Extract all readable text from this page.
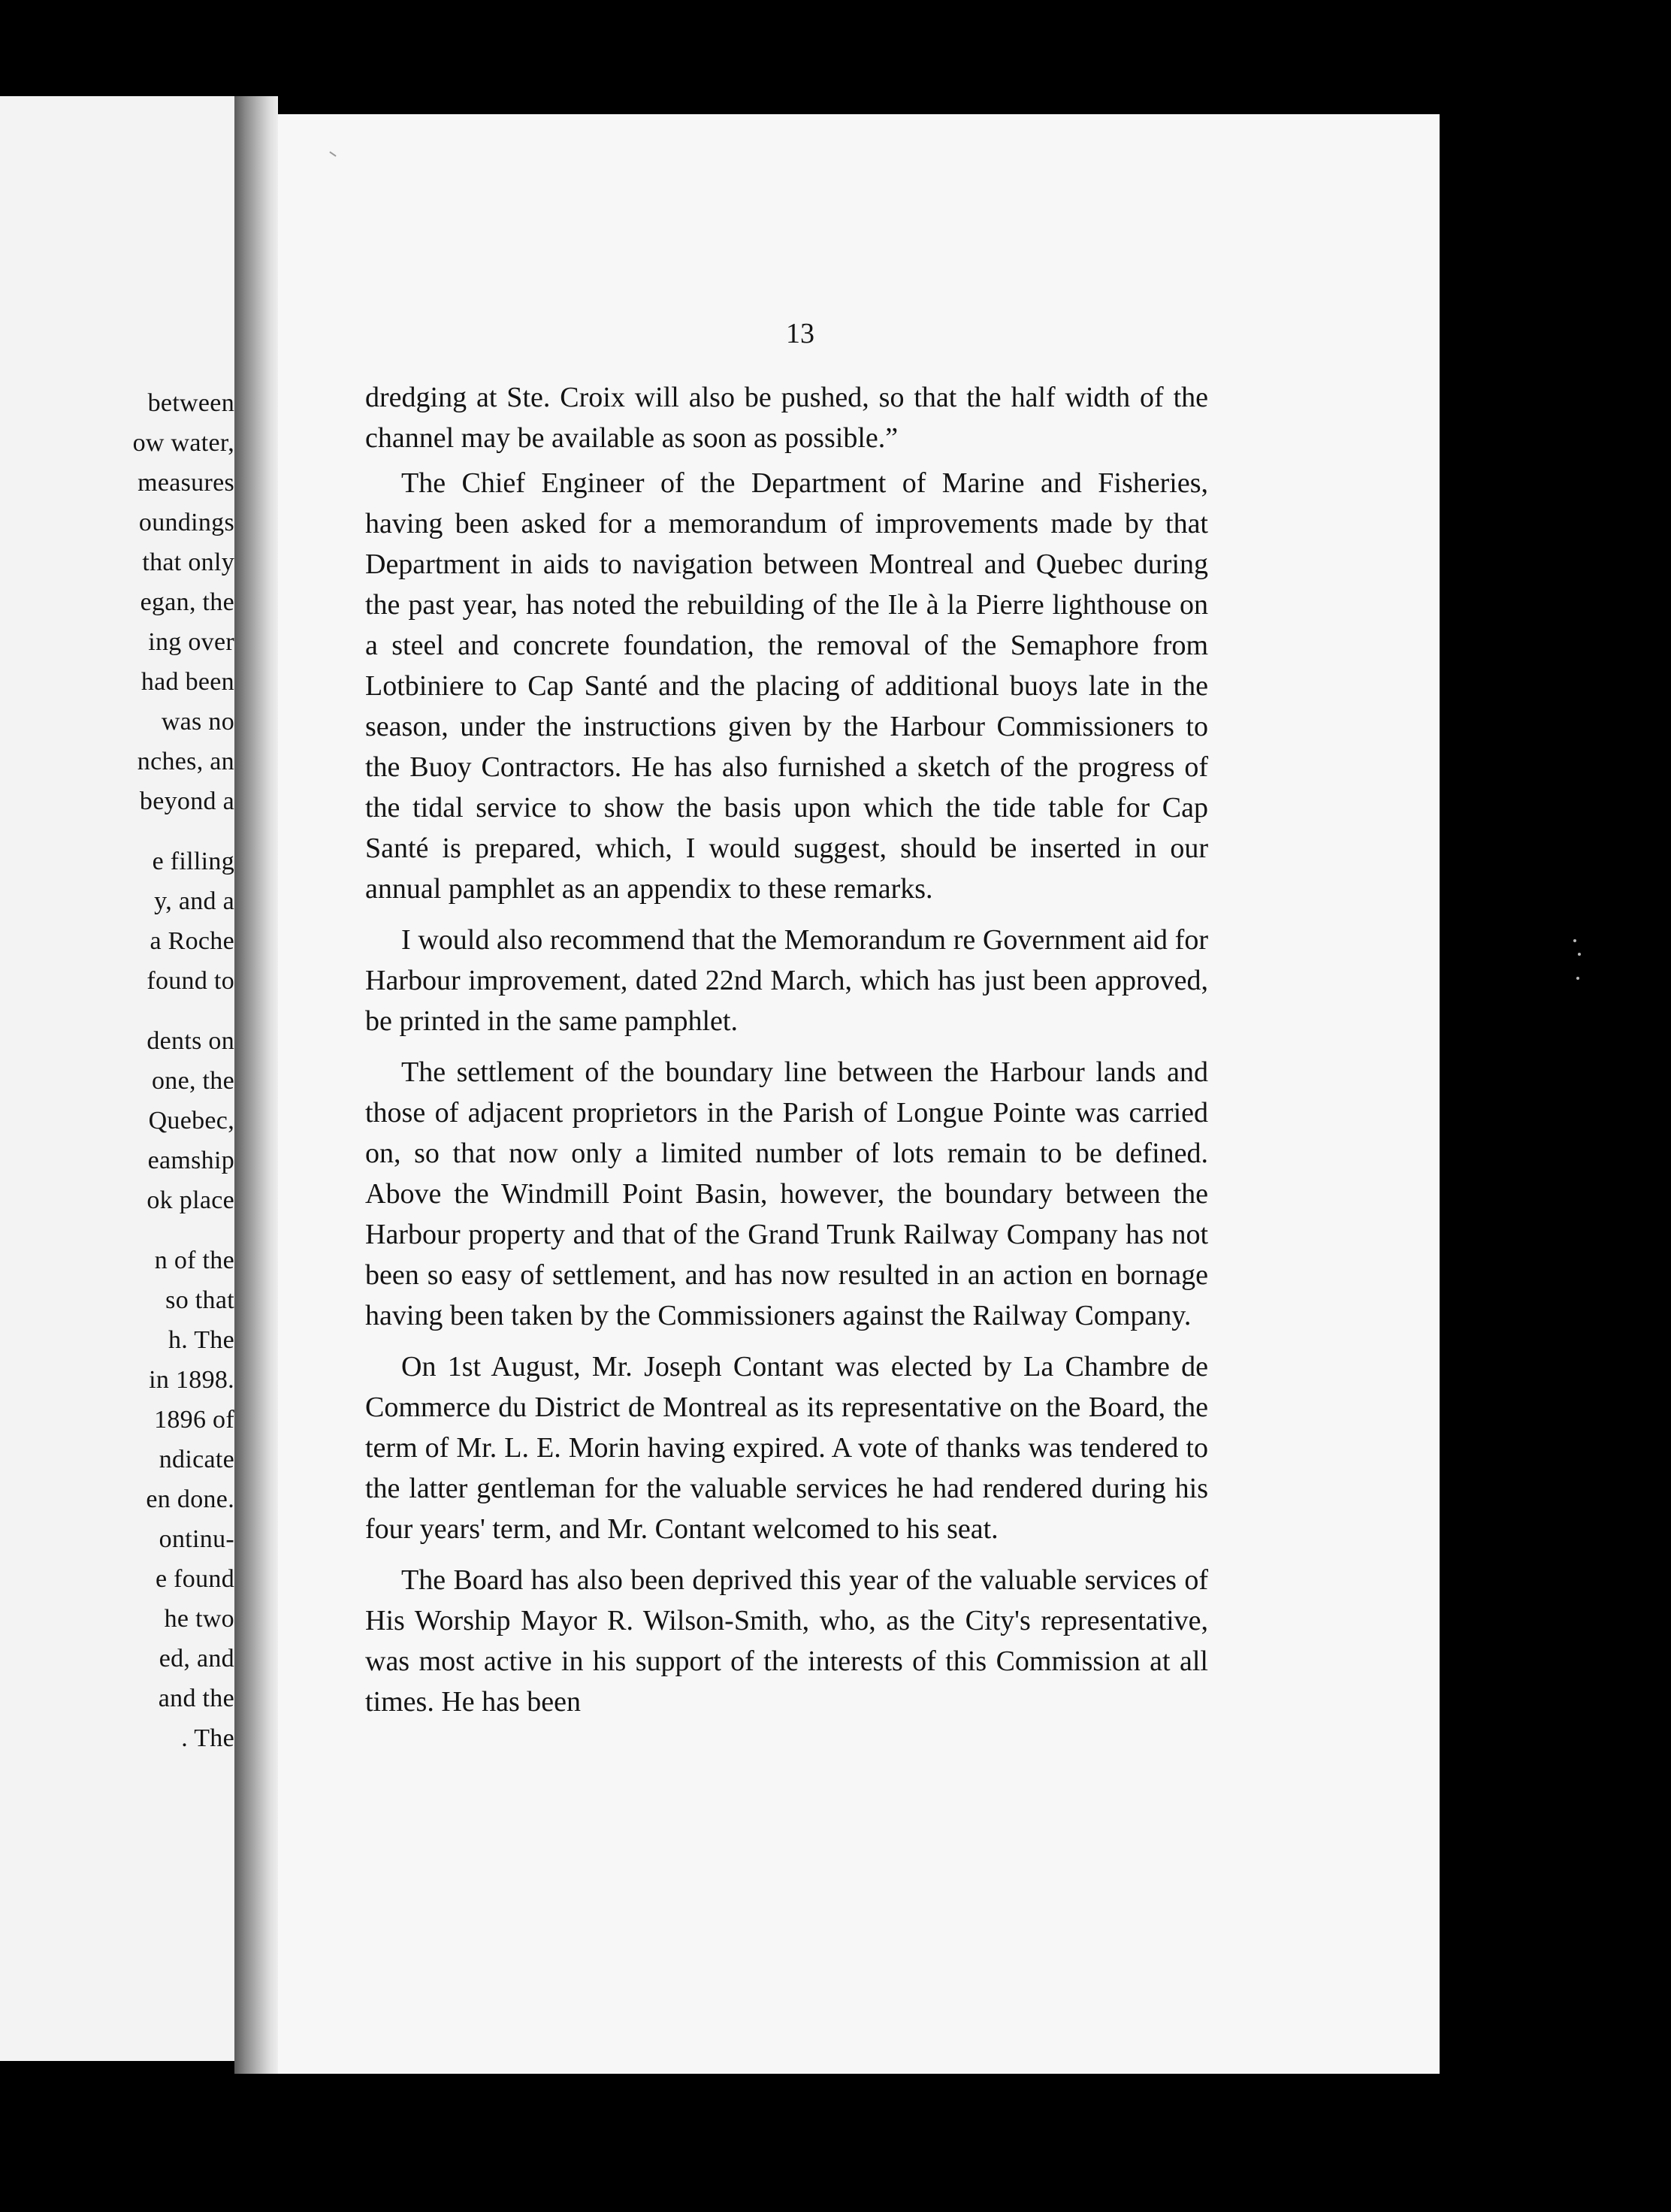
between
ow water,
measures
oundings
that only
egan, the
ing over
had been
was no
nches, an
beyond a
e filling
y, and a
a Roche
found to
dents on
one, the
Quebec,
eamship
ok place
n of the
so that
h. The
in 1898.
1896 of
ndicate
en done.
ontinu-
e found
he two
ed, and
and the
. The

13

dredging at Ste. Croix will also be pushed, so that the half width of the channel may be available as soon as possible.”

The Chief Engineer of the Department of Marine and Fisheries, having been asked for a memorandum of improvements made by that Department in aids to navigation between Montreal and Quebec during the past year, has noted the rebuilding of the Ile à la Pierre lighthouse on a steel and concrete foundation, the removal of the Semaphore from Lotbiniere to Cap Santé and the placing of additional buoys late in the season, under the instructions given by the Harbour Commissioners to the Buoy Contractors. He has also furnished a sketch of the progress of the tidal service to show the basis upon which the tide table for Cap Santé is prepared, which, I would suggest, should be inserted in our annual pamphlet as an appendix to these remarks.

I would also recommend that the Memorandum re Government aid for Harbour improvement, dated 22nd March, which has just been approved, be printed in the same pamphlet.

The settlement of the boundary line between the Harbour lands and those of adjacent proprietors in the Parish of Longue Pointe was carried on, so that now only a limited number of lots remain to be defined. Above the Windmill Point Basin, however, the boundary between the Harbour property and that of the Grand Trunk Railway Company has not been so easy of settlement, and has now resulted in an action en bornage having been taken by the Commissioners against the Railway Company.

On 1st August, Mr. Joseph Contant was elected by La Chambre de Commerce du District de Montreal as its representative on the Board, the term of Mr. L. E. Morin having expired. A vote of thanks was tendered to the latter gentleman for the valuable services he had rendered during his four years' term, and Mr. Contant welcomed to his seat.

The Board has also been deprived this year of the valuable services of His Worship Mayor R. Wilson-Smith, who, as the City's representative, was most active in his support of the interests of this Commission at all times. He has been
